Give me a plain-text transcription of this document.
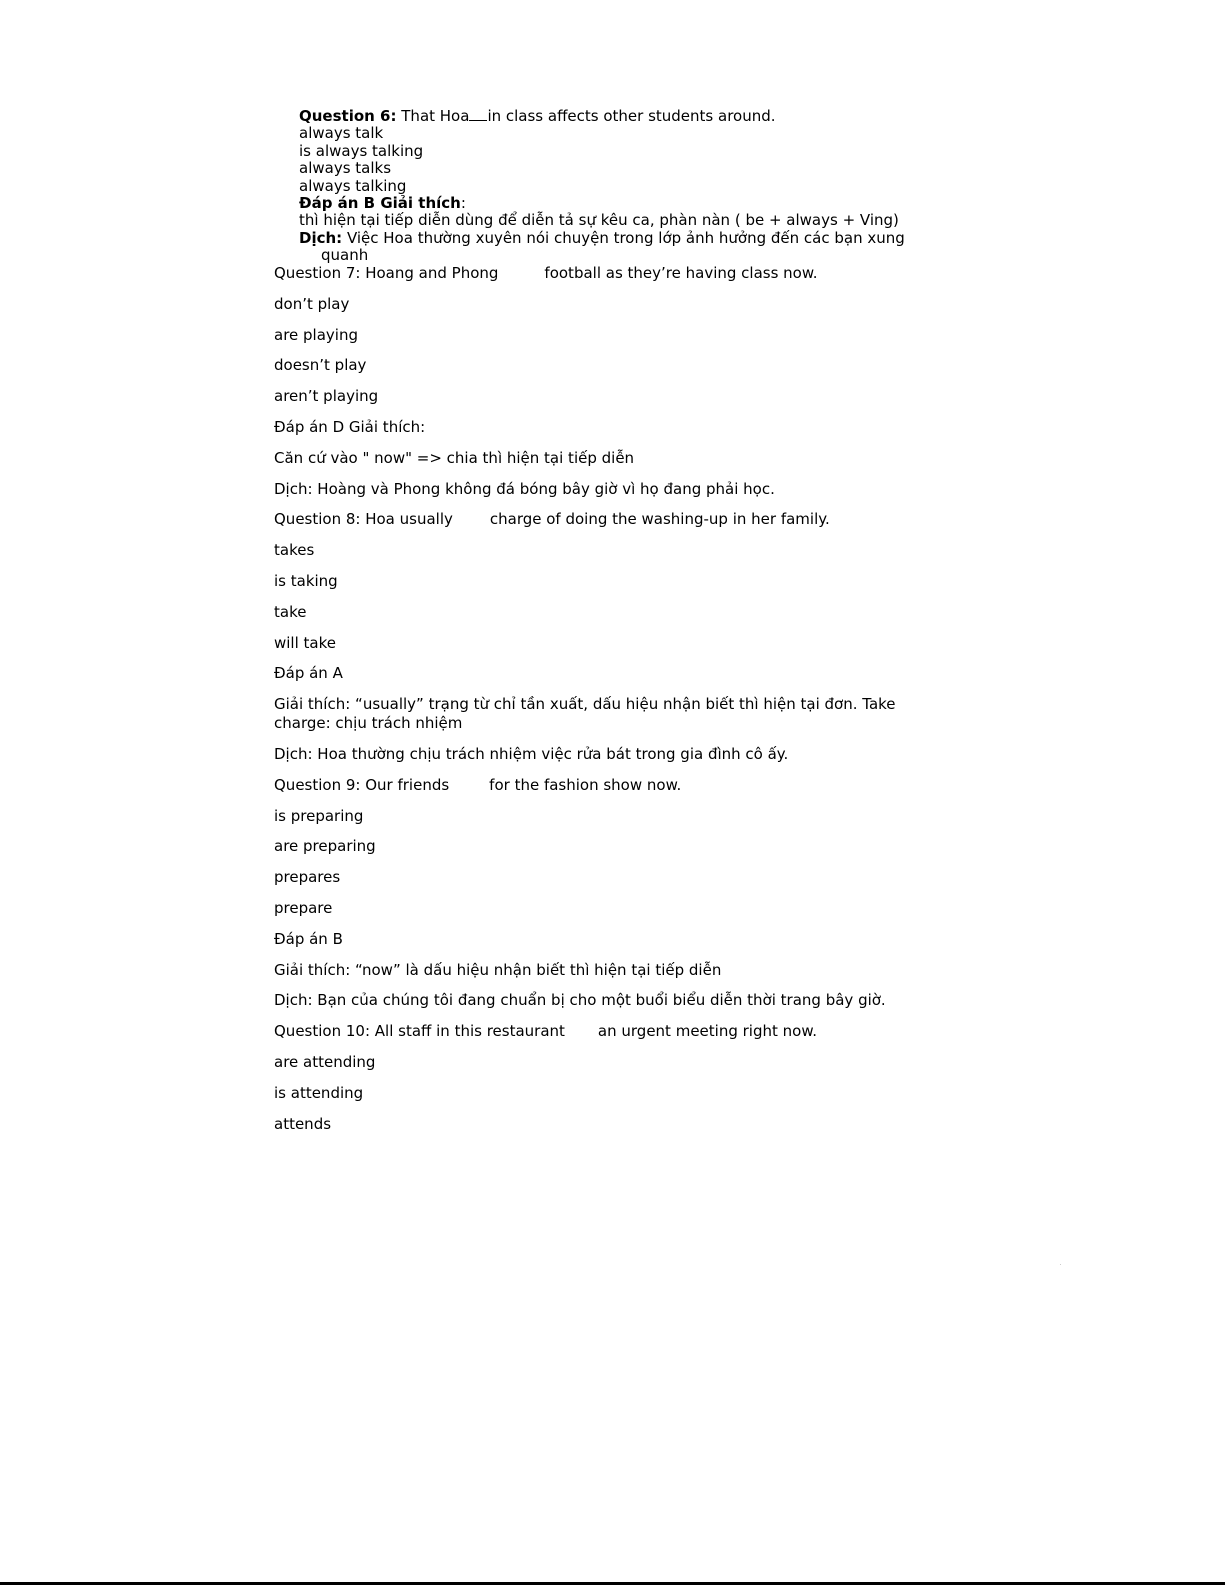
Question 6: That Hoa in class affects other students around.
always talk
is always talking
always talks
always talking
Đáp án B Giải thích:
thì hiện tại tiếp diễn dùng để diễn tả sự kêu ca, phàn nàn ( be + always + Ving)
Dịch: Việc Hoa thường xuyên nói chuyện trong lớp ảnh hưởng đến các bạn xung
quanh

Question 7: Hoang and Phong	football as they’re having class now.

don’t play

are playing

doesn’t play

aren’t playing

Đáp án D Giải thích:

Căn cứ vào " now" => chia thì hiện tại tiếp diễn

Dịch: Hoàng và Phong không đá bóng bây giờ vì họ đang phải học.

Question 8: Hoa usually charge of doing the washing-up in her family.

takes

is taking

take

will take

Đáp án A

Giải thích: “usually” trạng từ chỉ tần xuất, dấu hiệu nhận biết thì hiện tại đơn. Take
charge: chịu trách nhiệm

Dịch: Hoa thường chịu trách nhiệm việc rửa bát trong gia đình cô ấy.

Question 9: Our friends	for the fashion show now.

is preparing

are preparing

prepares

prepare

Đáp án B

Giải thích: “now” là dấu hiệu nhận biết thì hiện tại tiếp diễn

Dịch: Bạn của chúng tôi đang chuẩn bị cho một buổi biểu diễn thời trang bây giờ.

Question 10: All staff in this restaurant an urgent meeting right now.

are attending

is attending

attends
